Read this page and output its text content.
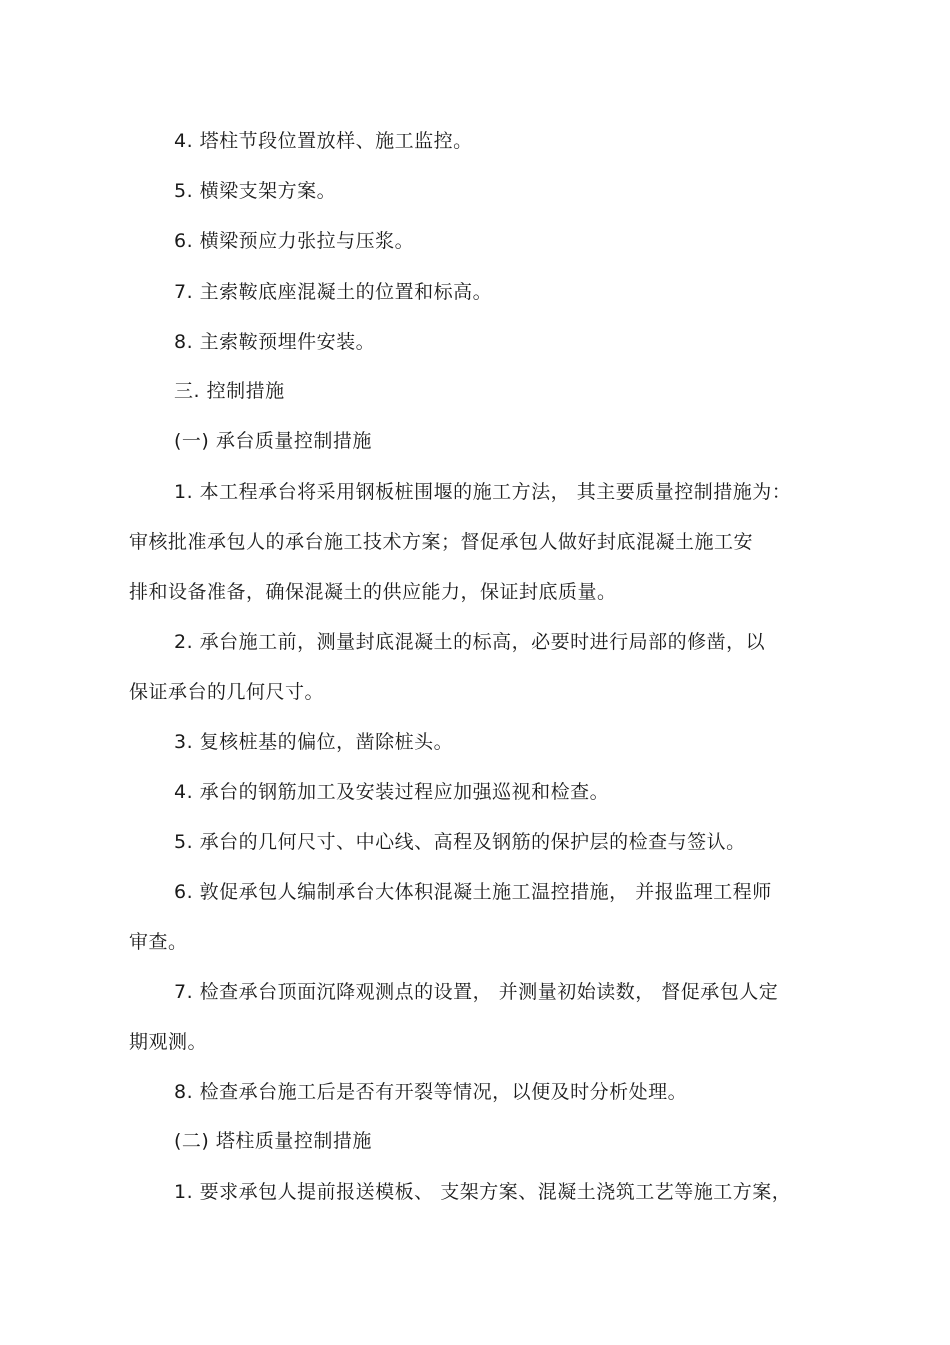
4. 塔柱节段位置放样、施工监控。
5. 横梁支架方案。
6. 横梁预应力张拉与压浆。
7. 主索鞍底座混凝土的位置和标高。
8. 主索鞍预埋件安装。
三. 控制措施
(一) 承台质量控制措施
1. 本工程承台将采用钢板桩围堰的施工方法， 其主要质量控制措施为：
审核批准承包人的承台施工技术方案；督促承包人做好封底混凝土施工安
排和设备准备，确保混凝土的供应能力，保证封底质量。
2. 承台施工前，测量封底混凝土的标高，必要时进行局部的修凿，以
保证承台的几何尺寸。
3. 复核桩基的偏位，凿除桩头。
4. 承台的钢筋加工及安装过程应加强巡视和检查。
5. 承台的几何尺寸、中心线、高程及钢筋的保护层的检查与签认。
6. 敦促承包人编制承台大体积混凝土施工温控措施， 并报监理工程师
审查。
7. 检查承台顶面沉降观测点的设置， 并测量初始读数， 督促承包人定
期观测。
8. 检查承台施工后是否有开裂等情况，以便及时分析处理。
(二) 塔柱质量控制措施
1. 要求承包人提前报送模板、 支架方案、混凝土浇筑工艺等施工方案，
